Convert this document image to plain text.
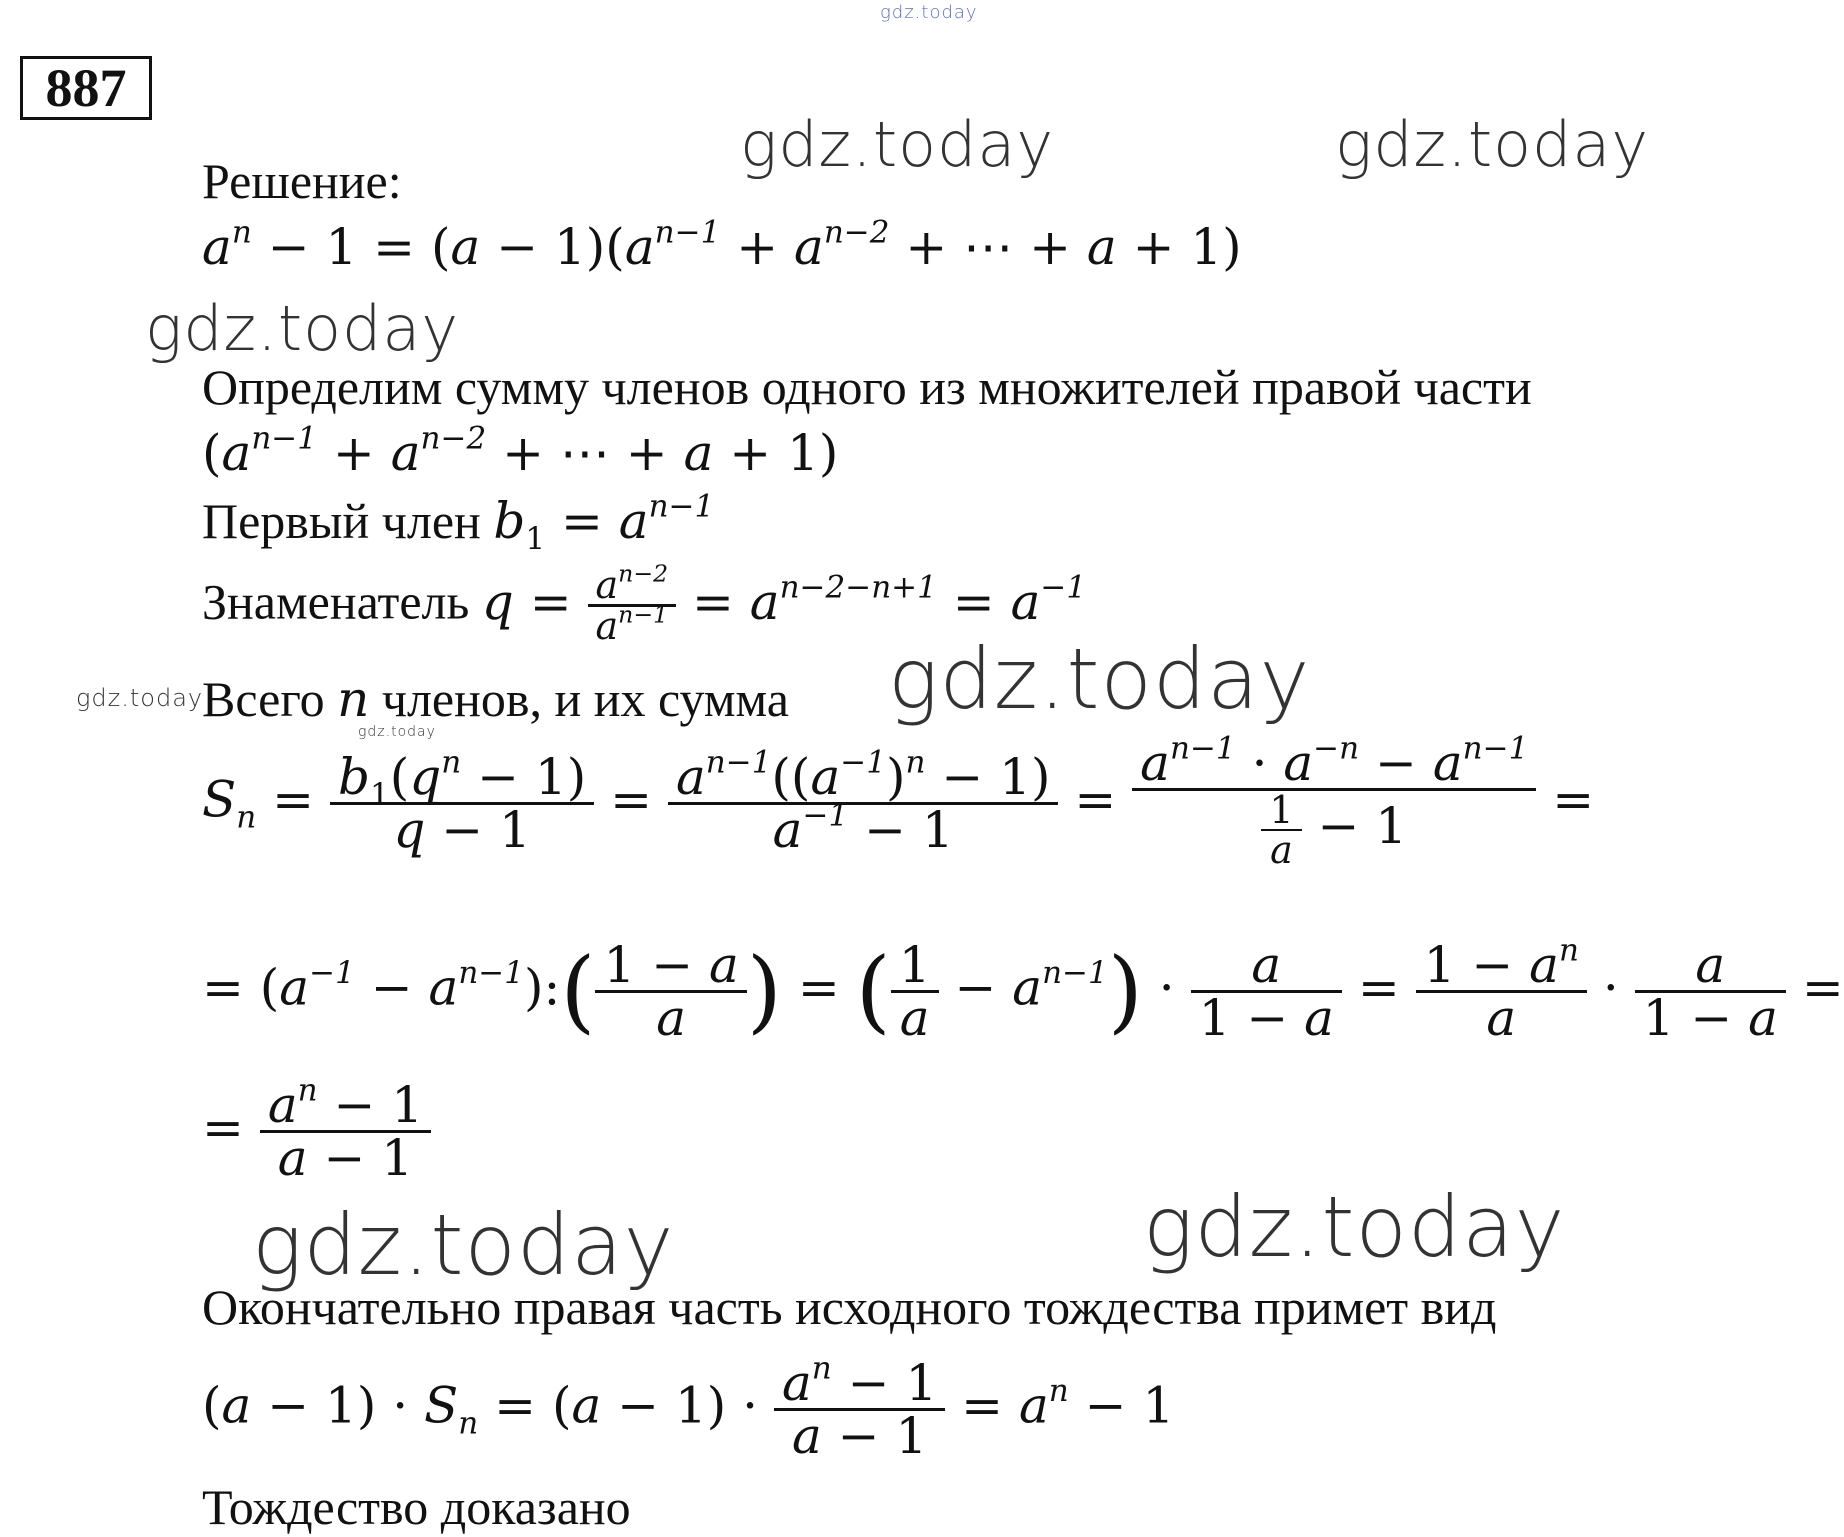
gdz.today
gdz.today	gdz.today
gdz.today
gdz.today
gdz.today
gdz.today
gdz.today	gdz.today
887
Решение:
$a^n - 1 = (a - 1)(a^{n-1} + a^{n-2}$ + ⋯ + a + 1)
Определим сумму членов одного из множителей правой части
($a^{n-1} + a^{n-2}$ + ⋯ + a + 1)
Первый член $b_1 = a^{n-1}$
Знаменатель $q = \frac{a^{n-2}}{a^{n-1}} = a^{n-2-n+1} = a^{-1}$
Всего n членов, и их сумма
$S_n = \frac{b_1(q^n - 1)}{q - 1} = \frac{a^{n-1}((a^{-1})^n - 1)}{a^{-1} - 1} = \frac{a^{n-1} \cdot a^{-n} - a^{n-1}}{\frac{1}{a} - 1}$ =
= ($a^{-1}$ − $a^{n-1}):( \frac{1 - a}{a}$ ) = ( $\frac{1}{a} - a^{n-1}) \cdot \frac{a}{1 - a} = \frac{1 - a^n}{a} \cdot \frac{a}{1 - a}$ =
= $\frac{a^n - 1}{a - 1}$
Окончательно правая часть исходного тождества примет вид
$(a - 1) \cdot S_n = (a - 1) \cdot \frac{a^n - 1}{a - 1} = a^n - 1$
Тождество доказано
